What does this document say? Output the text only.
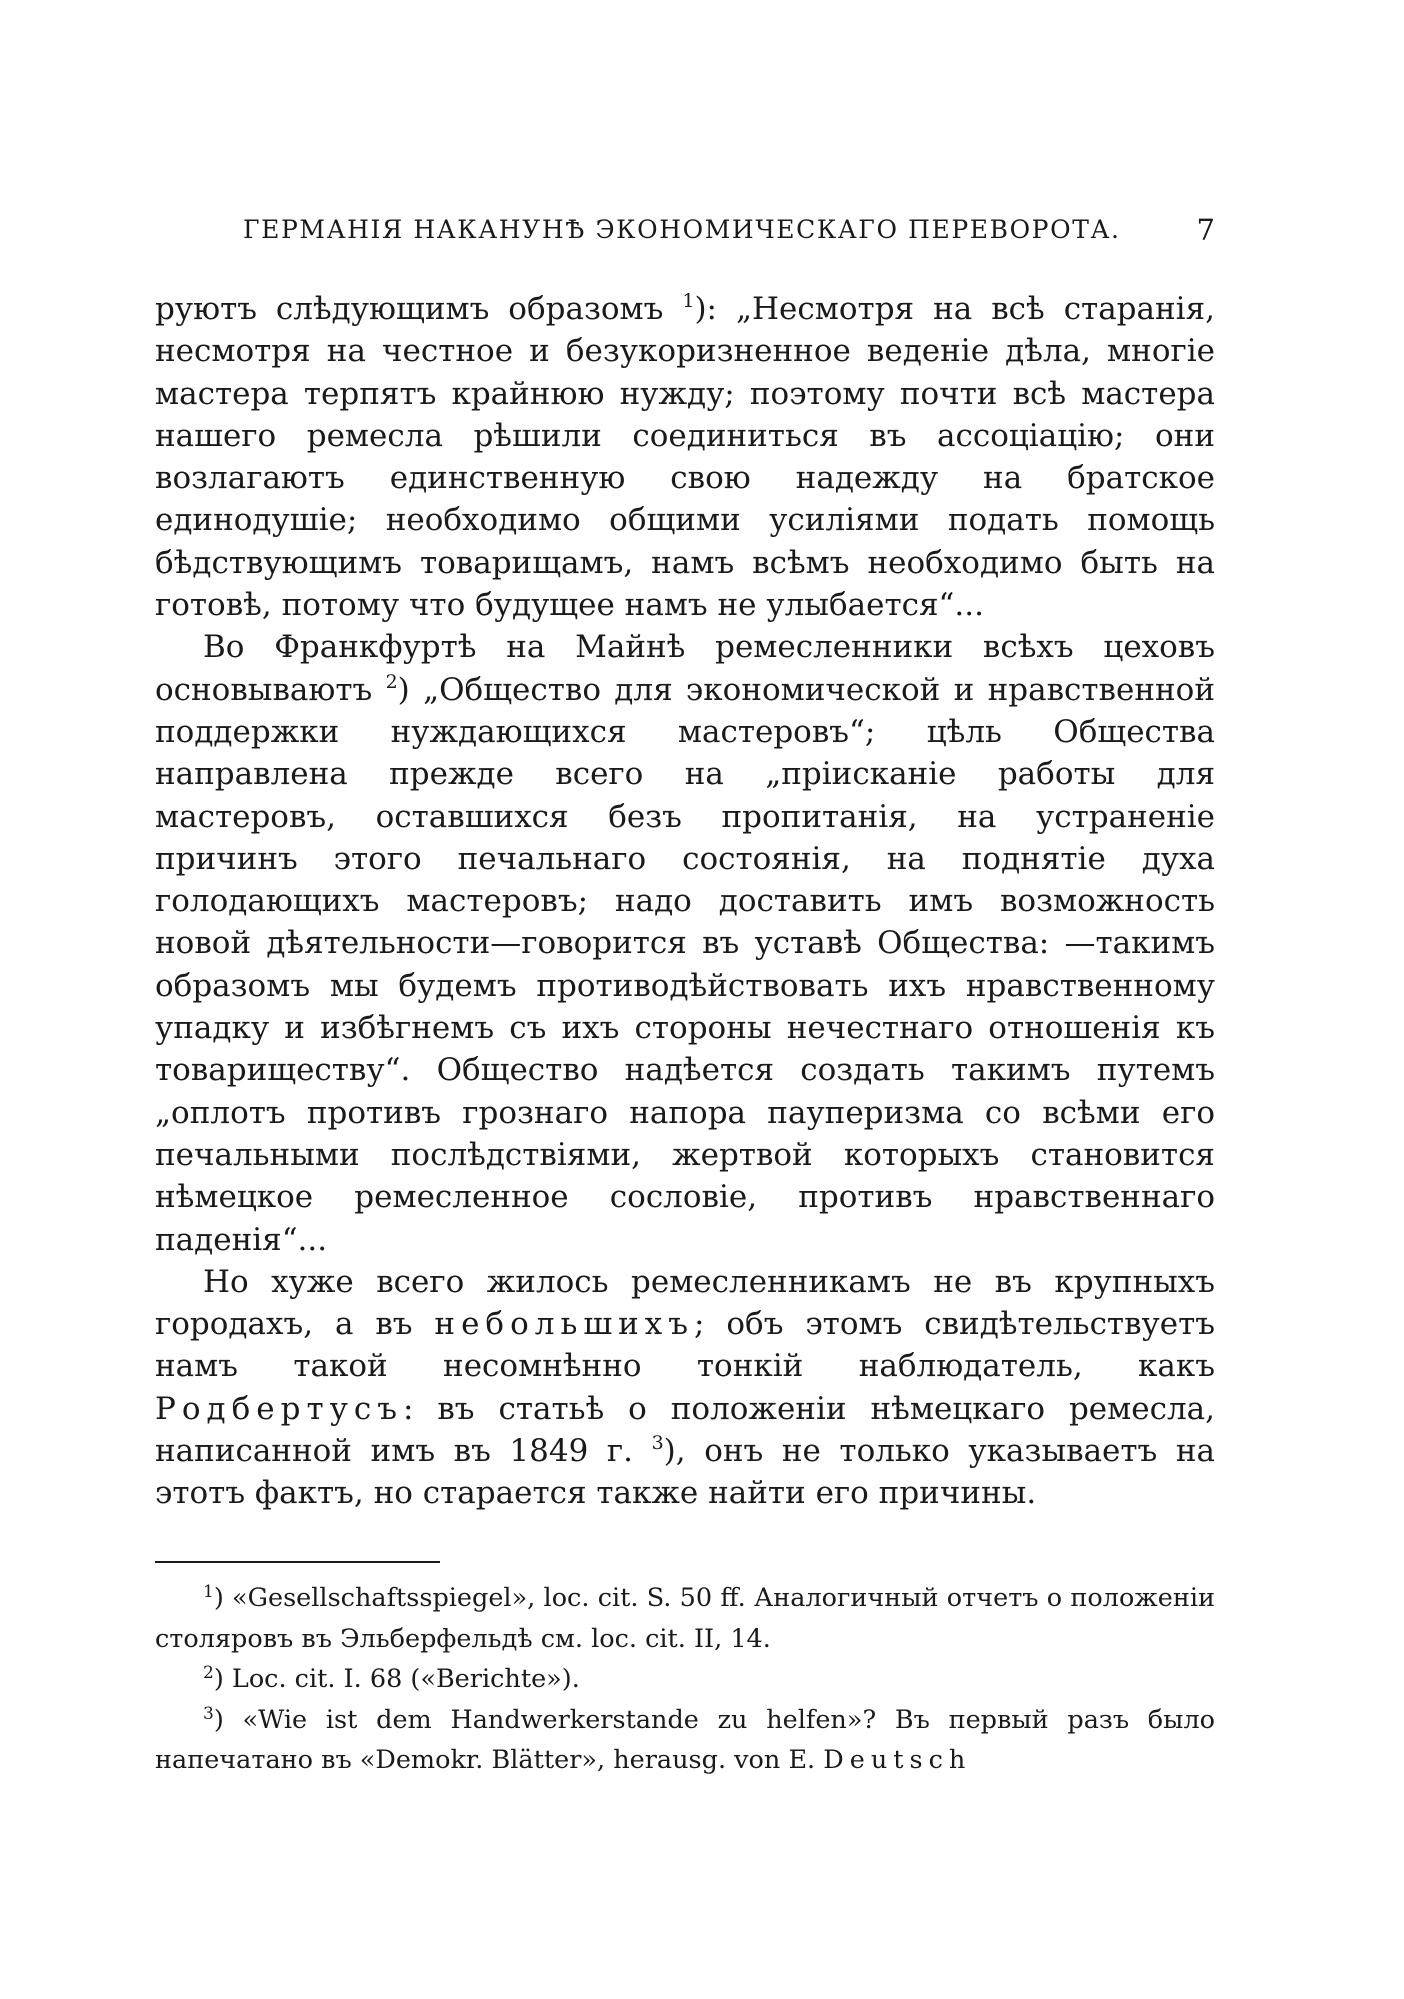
ГЕРМАНІЯ НАКАНУНѢ ЭКОНОМИЧЕСКАГО ПЕРЕВОРОТА.	7

руютъ слѣдующимъ образомъ $^1$): „Несмотря на всѣ старанія, несмотря на честное и безукоризненное веденіе дѣла, многіе мастера терпятъ крайнюю нужду; поэтому почти всѣ мастера нашего ремесла рѣшили соединиться въ ассоціацію; они возлагаютъ единственную свою надежду на братское единодушіе; необходимо общими усиліями подать помощь бѣдствующимъ товарищамъ, намъ всѣмъ необходимо быть на готовѣ, потому что будущее намъ не улыбается“...

Во Франкфуртѣ на Майнѣ ремесленники всѣхъ цеховъ основываютъ $^2$) „Общество для экономической и нравственной поддержки нуждающихся мастеровъ“; цѣль Общества направлена прежде всего на „пріисканіе работы для мастеровъ, оставшихся безъ пропитанія, на устраненіе причинъ этого печальнаго состоянія, на поднятіе духа голодающихъ мастеровъ; надо доставить имъ возможность новой дѣятельности—говорится въ уставѣ Общества: —такимъ образомъ мы будемъ противодѣйствовать ихъ нравственному упадку и избѣгнемъ съ ихъ стороны нечестнаго отношенія къ товариществу“. Общество надѣется создать такимъ путемъ „оплотъ противъ грознаго напора пауперизма со всѣми его печальными послѣдствіями, жертвой которыхъ становится нѣмецкое ремесленное сословіе, противъ нравственнаго паденія“...

Но хуже всего жилось ремесленникамъ не въ крупныхъ городахъ, а въ небольшихъ; объ этомъ свидѣтельствуетъ намъ такой несомнѣнно тонкій наблюдатель, какъ Родбертусъ: въ статьѣ о положеніи нѣмецкаго ремесла, написанной имъ въ 1849 г. $^3$), онъ не только указываетъ на этотъ фактъ, но старается также найти его причины.

$^1$) «Gesellschaftsspiegel», loc. cit. S. 50 ff. Аналогичный отчетъ о положеніи столяровъ въ Эльберфельдѣ см. loc. cit. II, 14.

$^2$) Loc. cit. I. 68 («Berichte»).

$^3$) «Wie ist dem Handwerkerstande zu helfen»? Въ первый разъ было напечатано въ «Demokr. Blätter», herausg. von E. Deutsch
